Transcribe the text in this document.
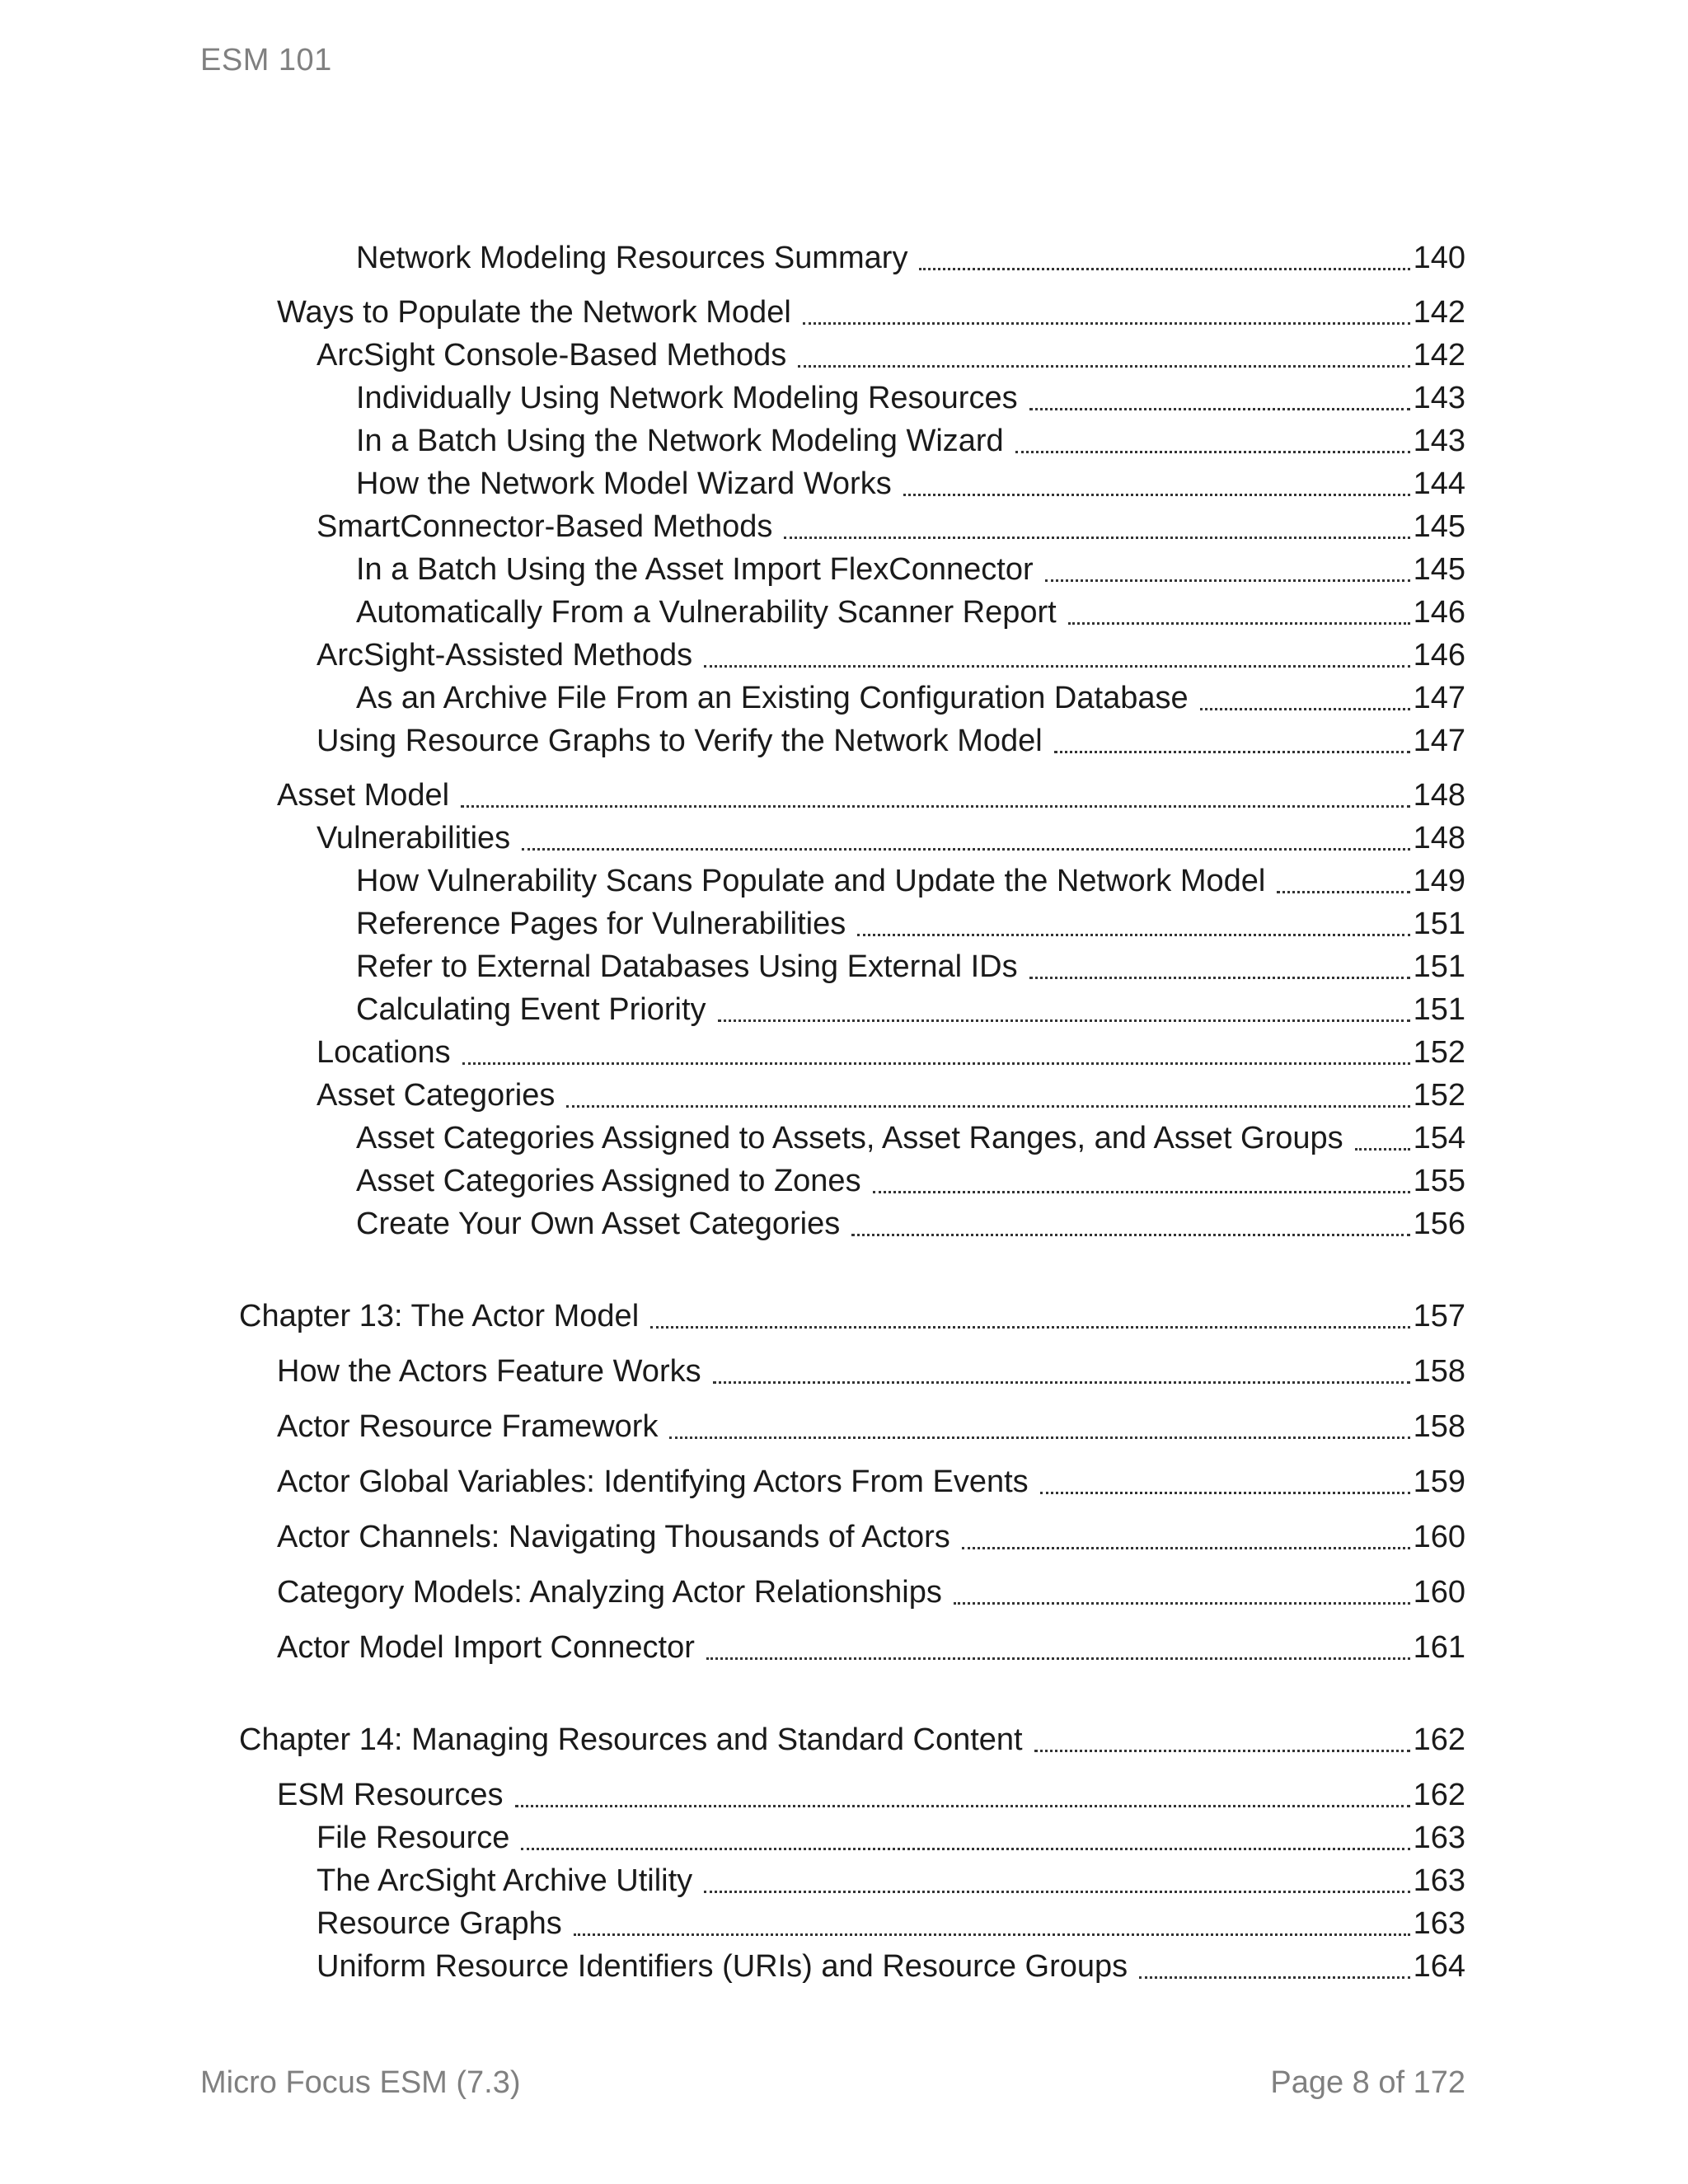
ESM 101
Network Modeling Resources Summary	140
Ways to Populate the Network Model	142
ArcSight Console-Based Methods	142
Individually Using Network Modeling Resources	143
In a Batch Using the Network Modeling Wizard	143
How the Network Model Wizard Works	144
SmartConnector-Based Methods	145
In a Batch Using the Asset Import FlexConnector	145
Automatically From a Vulnerability Scanner Report	146
ArcSight-Assisted Methods	146
As an Archive File From an Existing Configuration Database	147
Using Resource Graphs to Verify the Network Model	147
Asset Model	148
Vulnerabilities	148
How Vulnerability Scans Populate and Update the Network Model	149
Reference Pages for Vulnerabilities	151
Refer to External Databases Using External IDs	151
Calculating Event Priority	151
Locations	152
Asset Categories	152
Asset Categories Assigned to Assets, Asset Ranges, and Asset Groups	154
Asset Categories Assigned to Zones	155
Create Your Own Asset Categories	156
Chapter 13: The Actor Model	157
How the Actors Feature Works	158
Actor Resource Framework	158
Actor Global Variables: Identifying Actors From Events	159
Actor Channels: Navigating Thousands of Actors	160
Category Models: Analyzing Actor Relationships	160
Actor Model Import Connector	161
Chapter 14: Managing Resources and Standard Content	162
ESM Resources	162
File Resource	163
The ArcSight Archive Utility	163
Resource Graphs	163
Uniform Resource Identifiers (URIs) and Resource Groups	164
Micro Focus ESM (7.3)	Page 8 of 172
